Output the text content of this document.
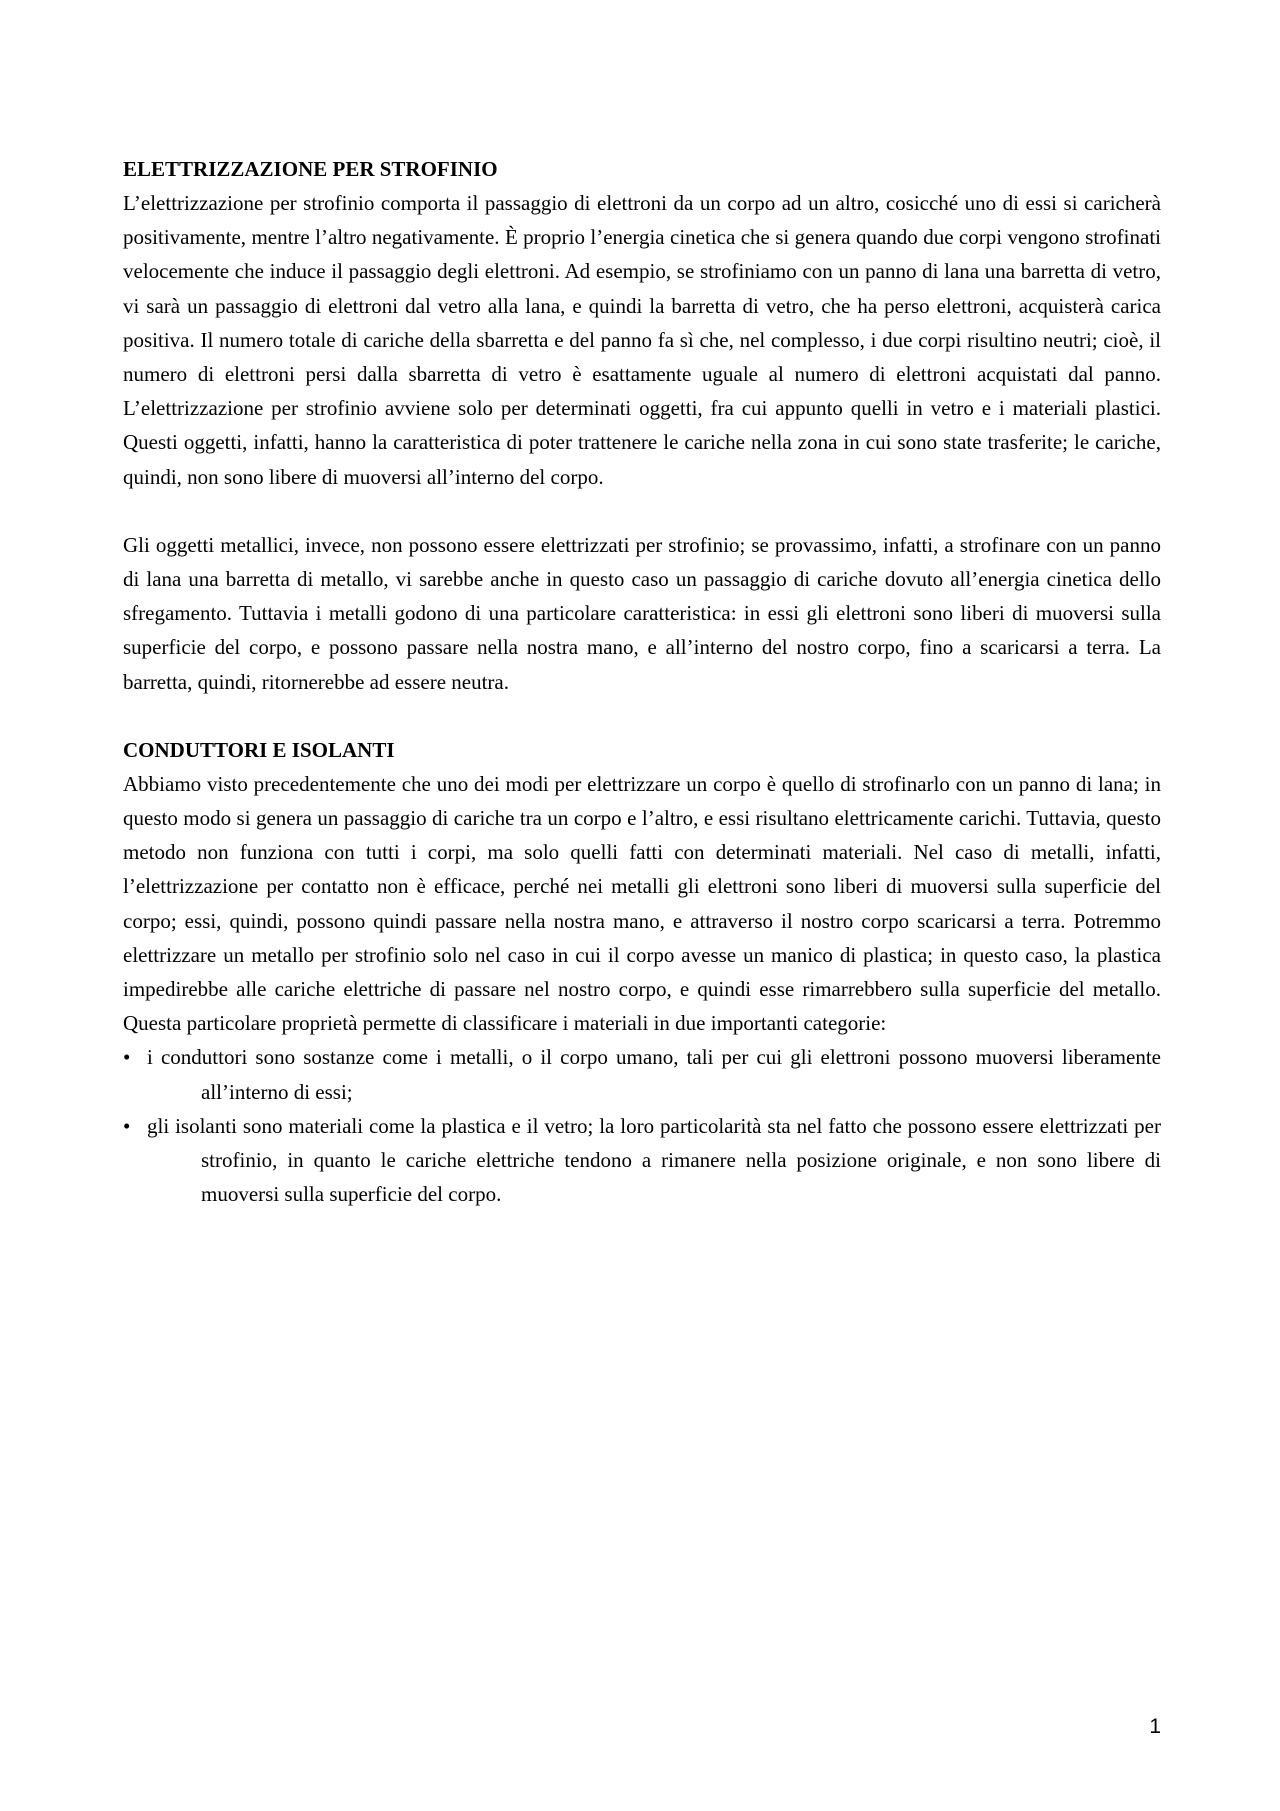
ELETTRIZZAZIONE PER STROFINIO

L’elettrizzazione per strofinio comporta il passaggio di elettroni da un corpo ad un altro, cosicché uno di essi si caricherà positivamente, mentre l’altro negativamente. È proprio l’energia cinetica che si genera quando due corpi vengono strofinati velocemente che induce il passaggio degli elettroni. Ad esempio, se strofiniamo con un panno di lana una barretta di vetro, vi sarà un passaggio di elettroni dal vetro alla lana, e quindi la barretta di vetro, che ha perso elettroni, acquisterà carica positiva. Il numero totale di cariche della sbarretta e del panno fa sì che, nel complesso, i due corpi risultino neutri; cioè, il numero di elettroni persi dalla sbarretta di vetro è esattamente uguale al numero di elettroni acquistati dal panno. L’elettrizzazione per strofinio avviene solo per determinati oggetti, fra cui appunto quelli in vetro e i materiali plastici. Questi oggetti, infatti, hanno la caratteristica di poter trattenere le cariche nella zona in cui sono state trasferite; le cariche, quindi, non sono libere di muoversi all’interno del corpo.

Gli oggetti metallici, invece, non possono essere elettrizzati per strofinio; se provassimo, infatti, a strofinare con un panno di lana una barretta di metallo, vi sarebbe anche in questo caso un passaggio di cariche dovuto all’energia cinetica dello sfregamento. Tuttavia i metalli godono di una particolare caratteristica: in essi gli elettroni sono liberi di muoversi sulla superficie del corpo, e possono passare nella nostra mano, e all’interno del nostro corpo, fino a scaricarsi a terra. La barretta, quindi, ritornerebbe ad essere neutra.

CONDUTTORI E ISOLANTI

Abbiamo visto precedentemente che uno dei modi per elettrizzare un corpo è quello di strofinarlo con un panno di lana; in questo modo si genera un passaggio di cariche tra un corpo e l’altro, e essi risultano elettricamente carichi. Tuttavia, questo metodo non funziona con tutti i corpi, ma solo quelli fatti con determinati materiali. Nel caso di metalli, infatti, l’elettrizzazione per contatto non è efficace, perché nei metalli gli elettroni sono liberi di muoversi sulla superficie del corpo; essi, quindi, possono quindi passare nella nostra mano, e attraverso il nostro corpo scaricarsi a terra. Potremmo elettrizzare un metallo per strofinio solo nel caso in cui il corpo avesse un manico di plastica; in questo caso, la plastica impedirebbe alle cariche elettriche di passare nel nostro corpo, e quindi esse rimarrebbero sulla superficie del metallo. Questa particolare proprietà permette di classificare i materiali in due importanti categorie:

• i conduttori sono sostanze come i metalli, o il corpo umano, tali per cui gli elettroni possono muoversi liberamente all’interno di essi;
• gli isolanti sono materiali come la plastica e il vetro; la loro particolarità sta nel fatto che possono essere elettrizzati per strofinio, in quanto le cariche elettriche tendono a rimanere nella posizione originale, e non sono libere di muoversi sulla superficie del corpo.
1
